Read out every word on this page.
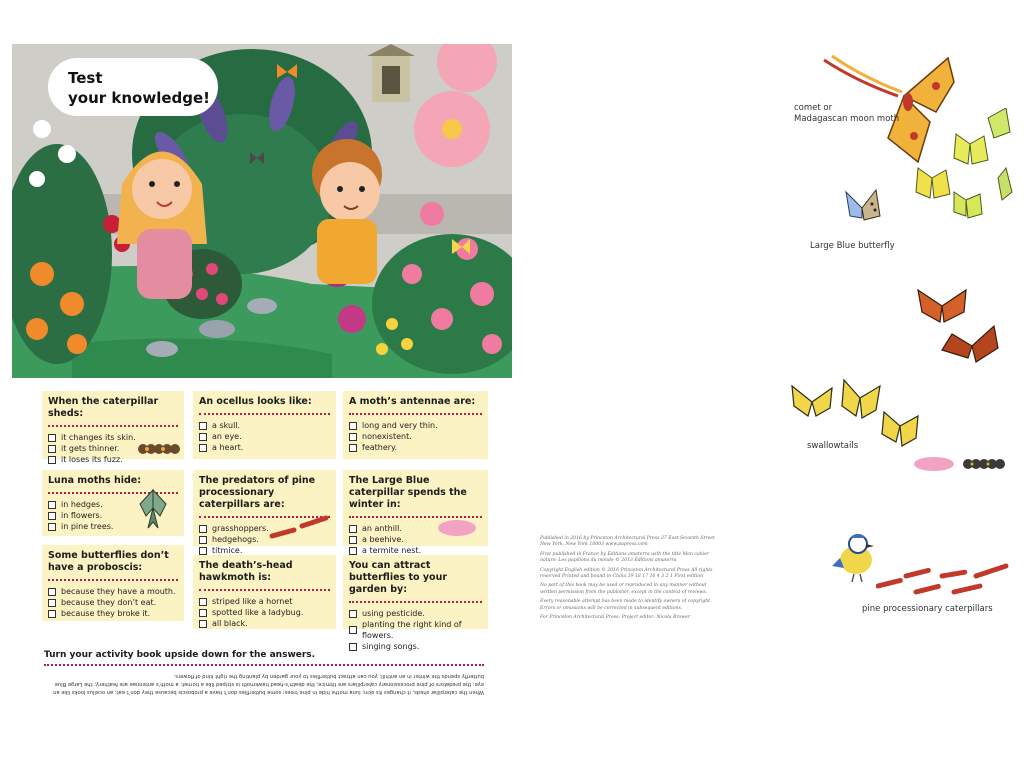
Test
your knowledge!
When the caterpillar sheds:
it changes its skin.
it gets thinner.
it loses its fuzz.
An ocellus looks like:
a skull.
an eye.
a heart.
A moth’s antennae are:
long and very thin.
nonexistent.
feathery.
Luna moths hide:
in hedges.
in flowers.
in pine trees.
The predators of pine processionary caterpillars are:
grasshoppers.
hedgehogs.
titmice.
The Large Blue caterpillar spends the winter in:
an anthill.
a beehive.
a termite nest.
Some butterflies don’t have a proboscis:
because they have a mouth.
because they don’t eat.
because they broke it.
The death’s-head hawkmoth is:
striped like a hornet
spotted like a ladybug.
all black.
You can attract butterflies to your garden by:
using pesticide.
planting the right kind of flowers.
singing songs.
Turn your activity book upside down for the answers.
When the caterpillar sheds, it changes its skin; luna moths hide in pine trees; some butterflies don’t have a proboscis because they don’t eat; an ocellus looks like an eye; the predators of pine processionary caterpillars are titmice; the death’s-head hawkmoth is striped like a hornet; a moth’s antennae are feathery; the Large Blue butterfly spends the winter in an anthill; you can attract butterflies to your garden by planting the right kind of flowers.

Published in 2016 by Princeton Architectural Press 37 East Seventh Street New York, New York 10003 www.papress.com

First published in France by Éditions amaterra with the title Mon cahier nature: Les papillons du monde © 2013 Éditions amaterra

Copyright English edition © 2016 Princeton Architectural Press All rights reserved Printed and bound in China 19 18 17 16 4 3 2 1 First edition

No part of this book may be used or reproduced in any manner without written permission from the publisher, except in the context of reviews.

Every reasonable attempt has been made to identify owners of copyright. Errors or omissions will be corrected in subsequent editions.

For Princeton Architectural Press: Project editor: Nicola Brower

comet or
Madagascan moon moth
Large Blue butterfly
swallowtails
pine processionary caterpillars
